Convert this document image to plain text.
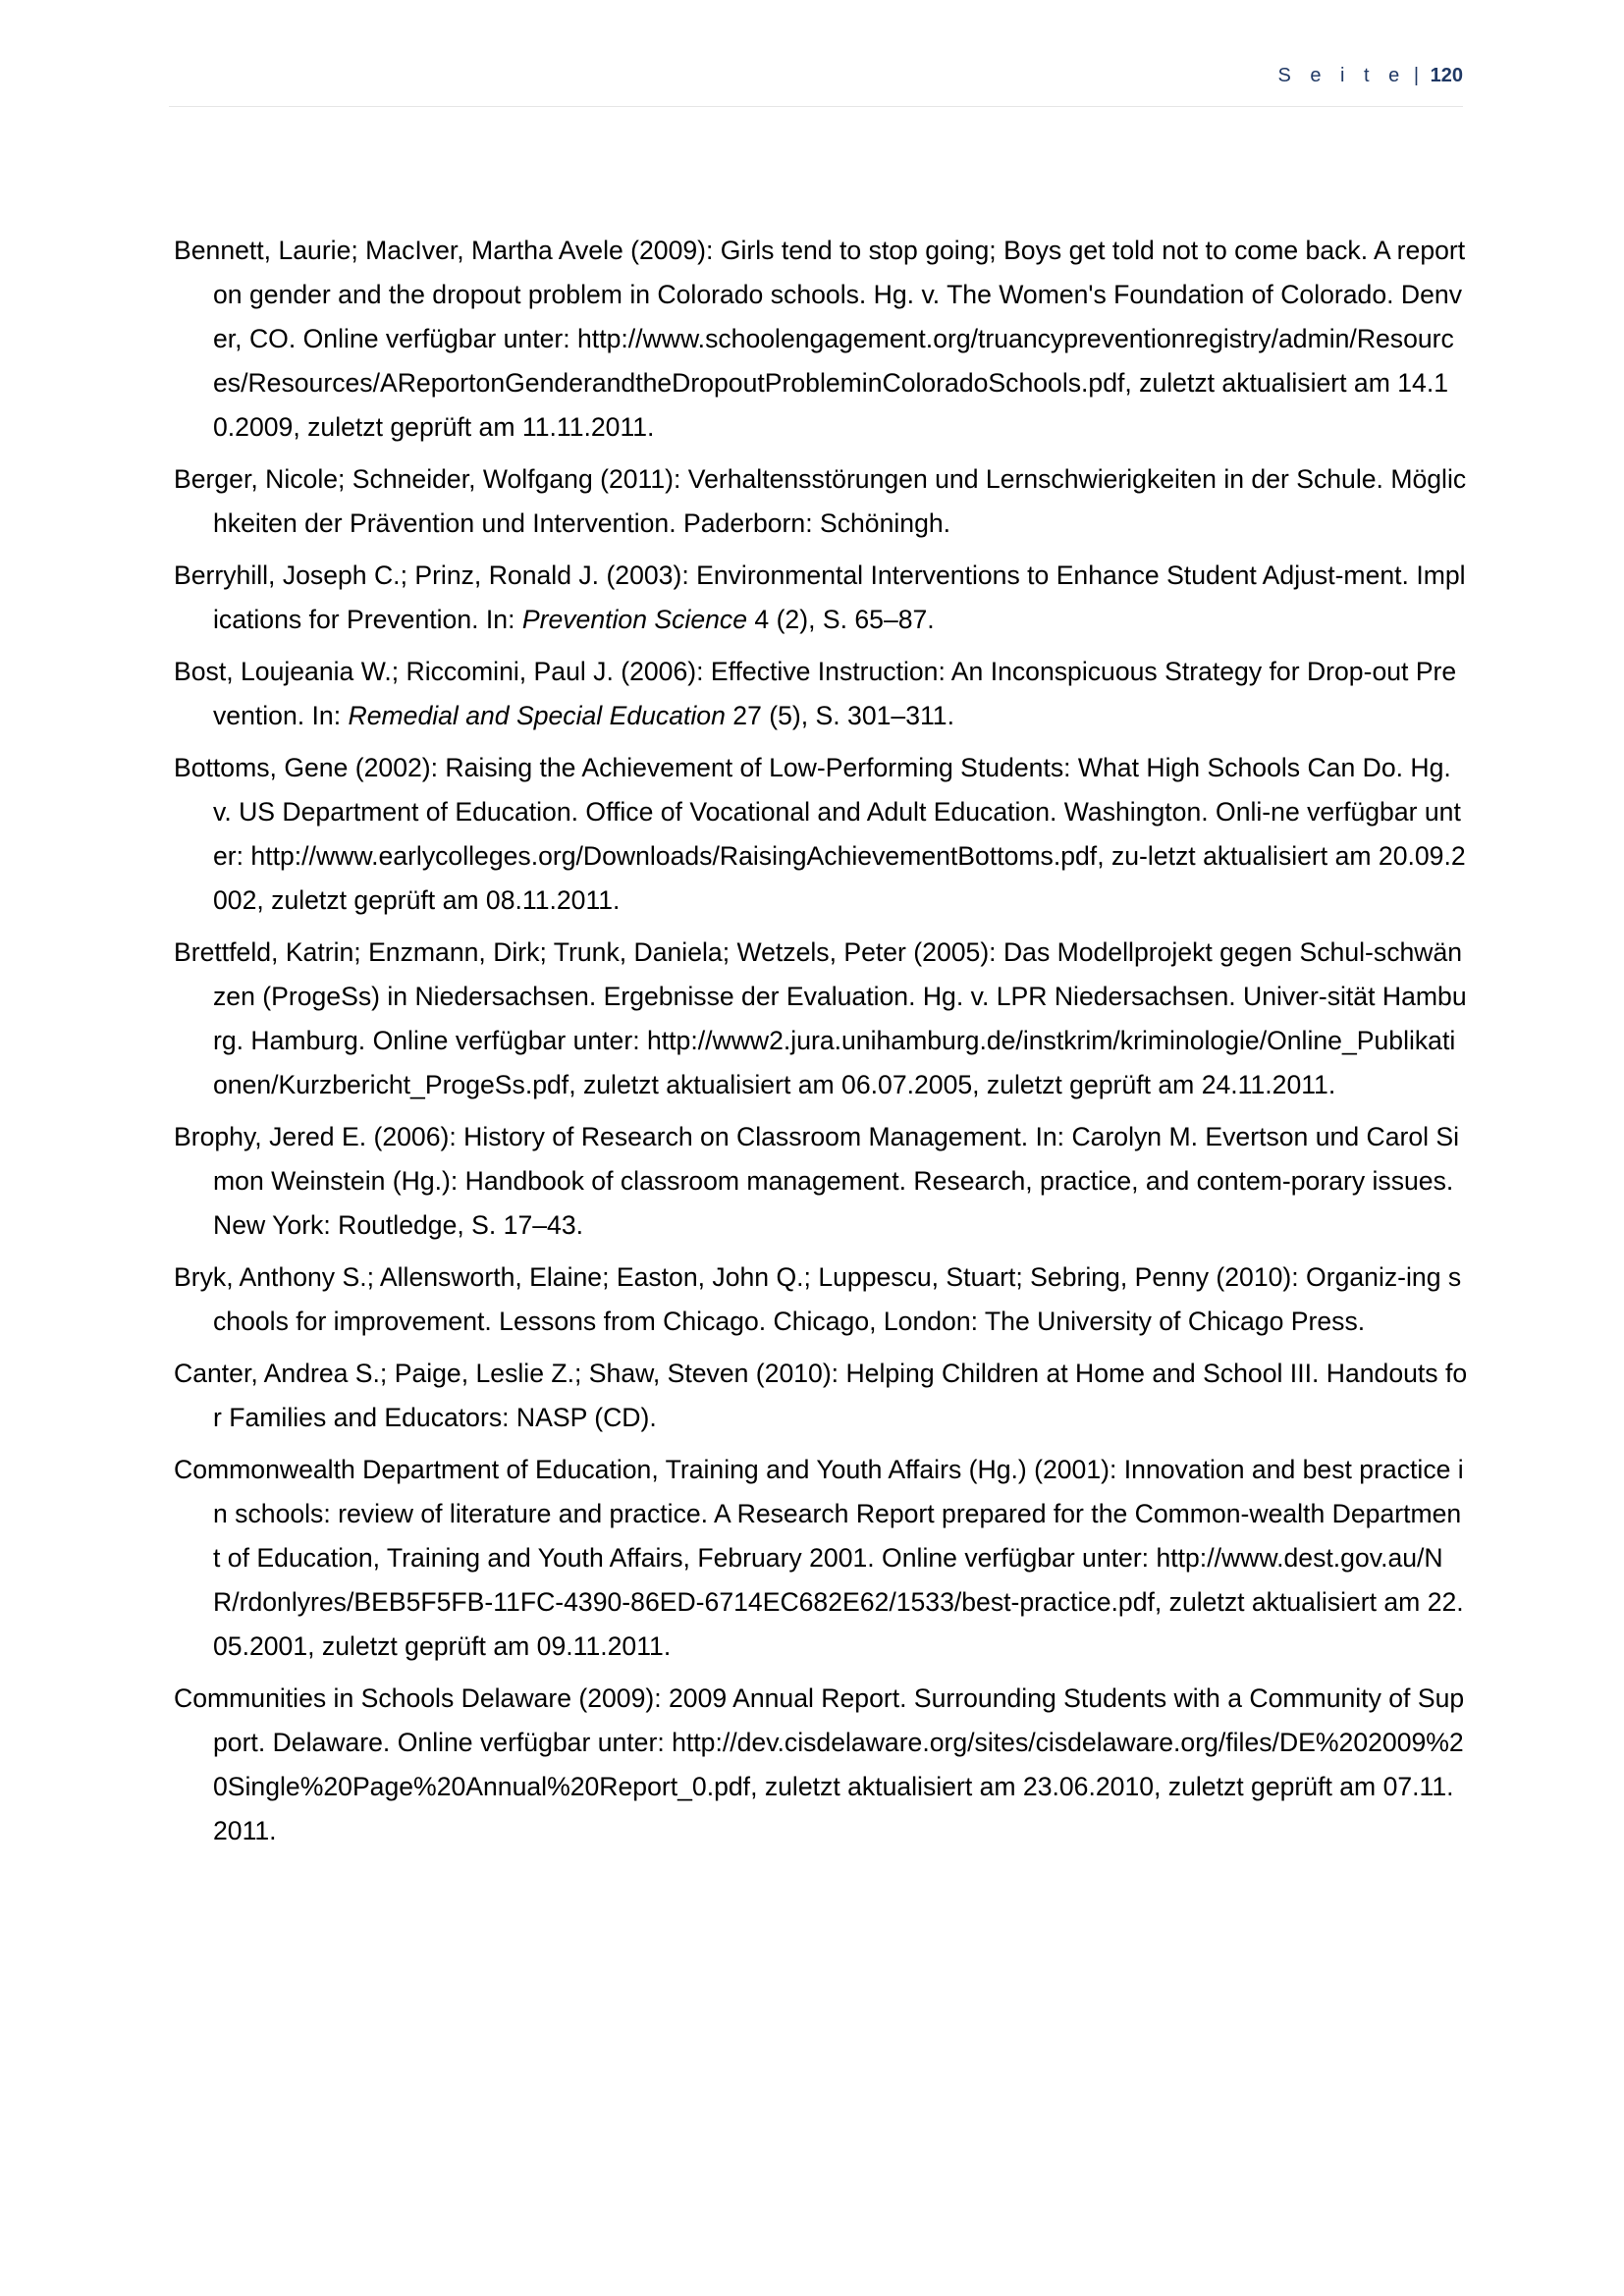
S e i t e | 120
Bennett, Laurie; MacIver, Martha Avele (2009): Girls tend to stop going; Boys get told not to come back. A report on gender and the dropout problem in Colorado schools. Hg. v. The Women's Foundation of Colorado. Denver, CO. Online verfügbar unter: http://www.schoolengagement.org/truancypreventionregistry/admin/Resources/Resources/AReportonGenderandtheDropoutProbleminColoradoSchools.pdf, zuletzt aktualisiert am 14.10.2009, zuletzt geprüft am 11.11.2011.
Berger, Nicole; Schneider, Wolfgang (2011): Verhaltensstörungen und Lernschwierigkeiten in der Schule. Möglichkeiten der Prävention und Intervention. Paderborn: Schöningh.
Berryhill, Joseph C.; Prinz, Ronald J. (2003): Environmental Interventions to Enhance Student Adjust-ment. Implications for Prevention. In: Prevention Science 4 (2), S. 65–87.
Bost, Loujeania W.; Riccomini, Paul J. (2006): Effective Instruction: An Inconspicuous Strategy for Drop-out Prevention. In: Remedial and Special Education 27 (5), S. 301–311.
Bottoms, Gene (2002): Raising the Achievement of Low-Performing Students: What High Schools Can Do. Hg. v. US Department of Education. Office of Vocational and Adult Education. Washington. Onli-ne verfügbar unter: http://www.earlycolleges.org/Downloads/RaisingAchievementBottoms.pdf, zu-letzt aktualisiert am 20.09.2002, zuletzt geprüft am 08.11.2011.
Brettfeld, Katrin; Enzmann, Dirk; Trunk, Daniela; Wetzels, Peter (2005): Das Modellprojekt gegen Schul-schwänzen (ProgeSs) in Niedersachsen. Ergebnisse der Evaluation. Hg. v. LPR Niedersachsen. Univer-sität Hamburg. Hamburg. Online verfügbar unter: http://www2.jura.unihamburg.de/instkrim/kriminologie/Online_Publikationen/Kurzbericht_ProgeSs.pdf, zuletzt aktualisiert am 06.07.2005, zuletzt geprüft am 24.11.2011.
Brophy, Jered E. (2006): History of Research on Classroom Management. In: Carolyn M. Evertson und Carol Simon Weinstein (Hg.): Handbook of classroom management. Research, practice, and contem-porary issues. New York: Routledge, S. 17–43.
Bryk, Anthony S.; Allensworth, Elaine; Easton, John Q.; Luppescu, Stuart; Sebring, Penny (2010): Organiz-ing schools for improvement. Lessons from Chicago. Chicago, London: The University of Chicago Press.
Canter, Andrea S.; Paige, Leslie Z.; Shaw, Steven (2010): Helping Children at Home and School III. Handouts for Families and Educators: NASP (CD).
Commonwealth Department of Education, Training and Youth Affairs (Hg.) (2001): Innovation and best practice in schools: review of literature and practice. A Research Report prepared for the Common-wealth Department of Education, Training and Youth Affairs, February 2001. Online verfügbar unter: http://www.dest.gov.au/NR/rdonlyres/BEB5F5FB-11FC-4390-86ED-6714EC682E62/1533/best-practice.pdf, zuletzt aktualisiert am 22.05.2001, zuletzt geprüft am 09.11.2011.
Communities in Schools Delaware (2009): 2009 Annual Report. Surrounding Students with a Community of Support. Delaware. Online verfügbar unter: http://dev.cisdelaware.org/sites/cisdelaware.org/files/DE%202009%20Single%20Page%20Annual%20Report_0.pdf, zuletzt aktualisiert am 23.06.2010, zuletzt geprüft am 07.11.2011.
